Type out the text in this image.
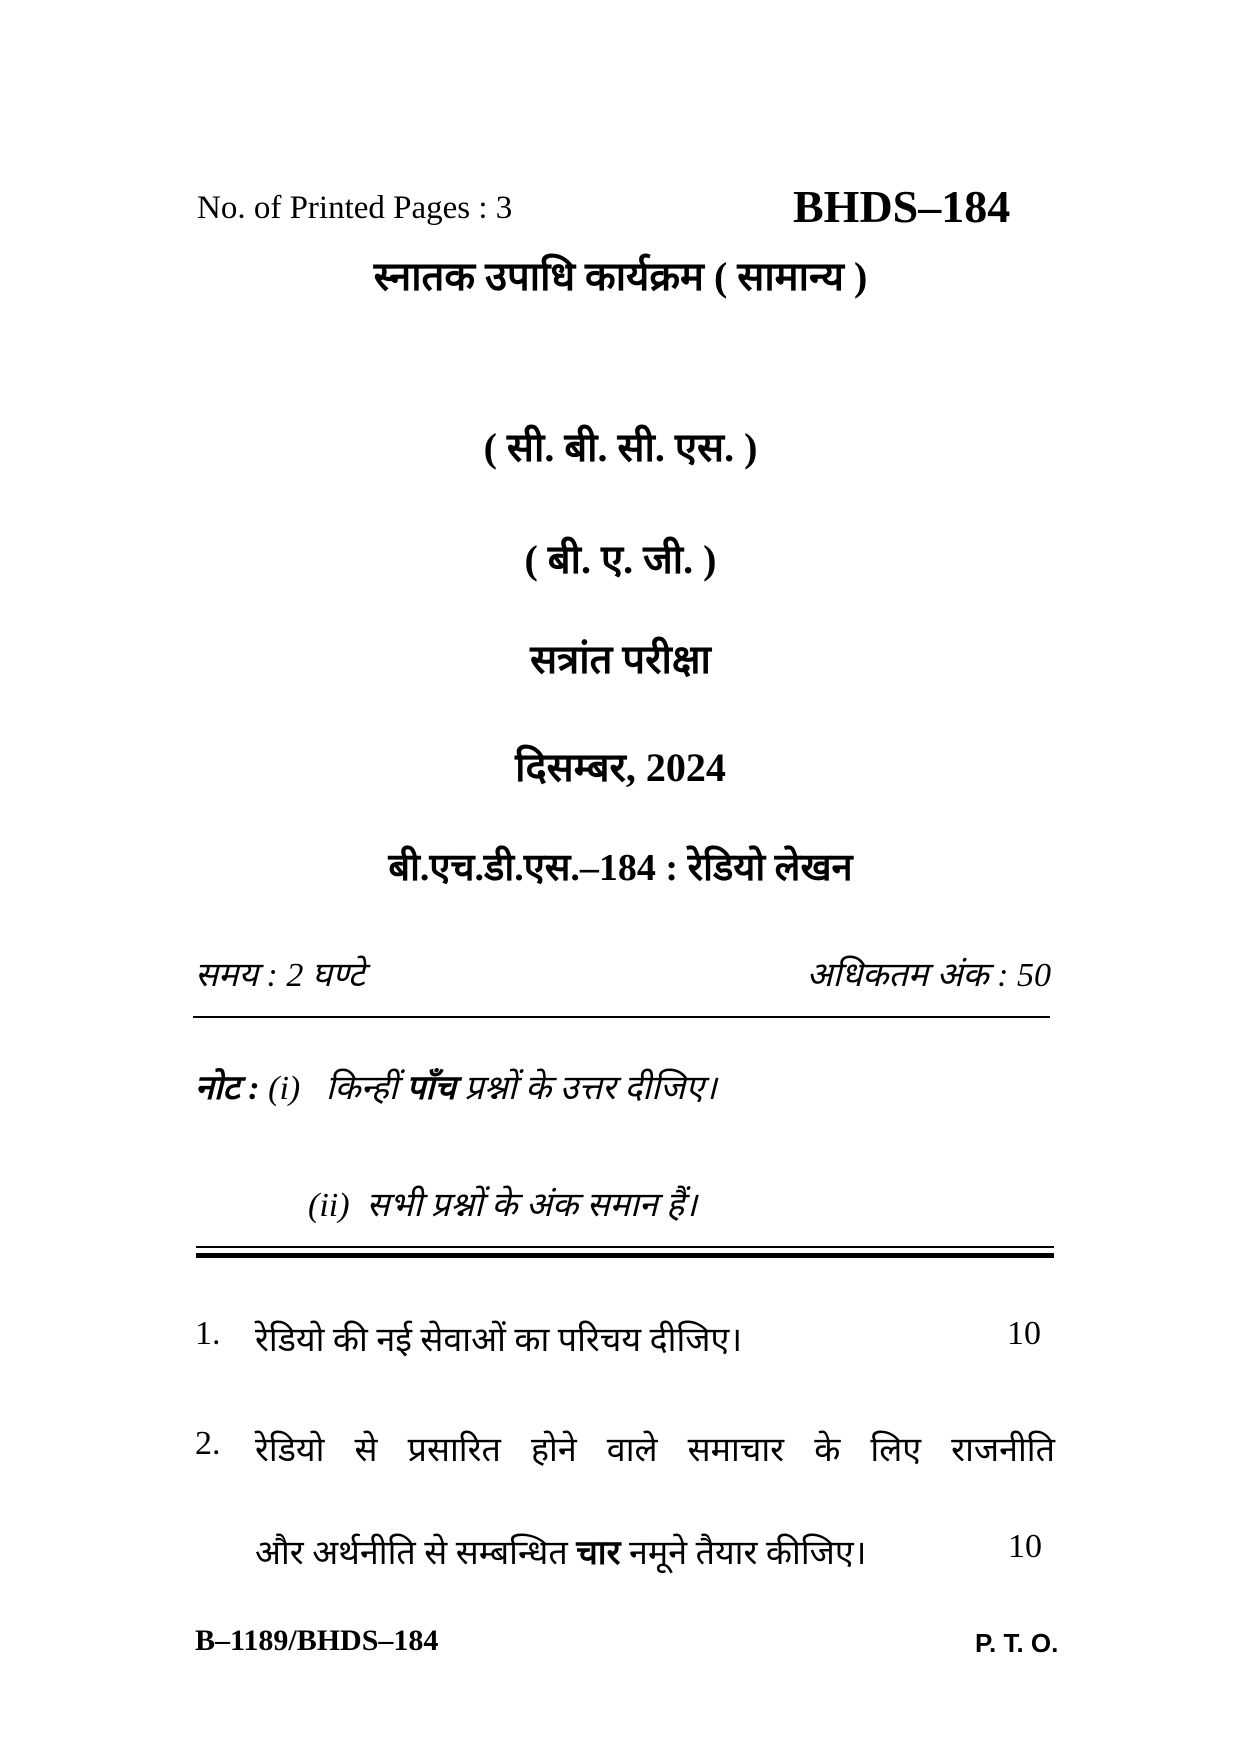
No. of Printed Pages : 3	BHDS–184
स्नातक उपाधि कार्यक्रम ( सामान्य )
( सी. बी. सी. एस. )
( बी. ए. जी. )
सत्रांत परीक्षा
दिसम्बर, 2024
बी.एच.डी.एस.–184 : रेडियो लेखन
समय : 2 घण्टे	अधिकतम अंक : 50
नोट : (i) किन्हीं पाँच प्रश्नों के उत्तर दीजिए।
(ii) सभी प्रश्नों के अंक समान हैं।
1. रेडियो की नई सेवाओं का परिचय दीजिए।	10
2. रेडियो से प्रसारित होने वाले समाचार के लिए राजनीति
और अर्थनीति से सम्बन्धित चार नमूने तैयार कीजिए।	10
B–1189/BHDS–184	P. T. O.
